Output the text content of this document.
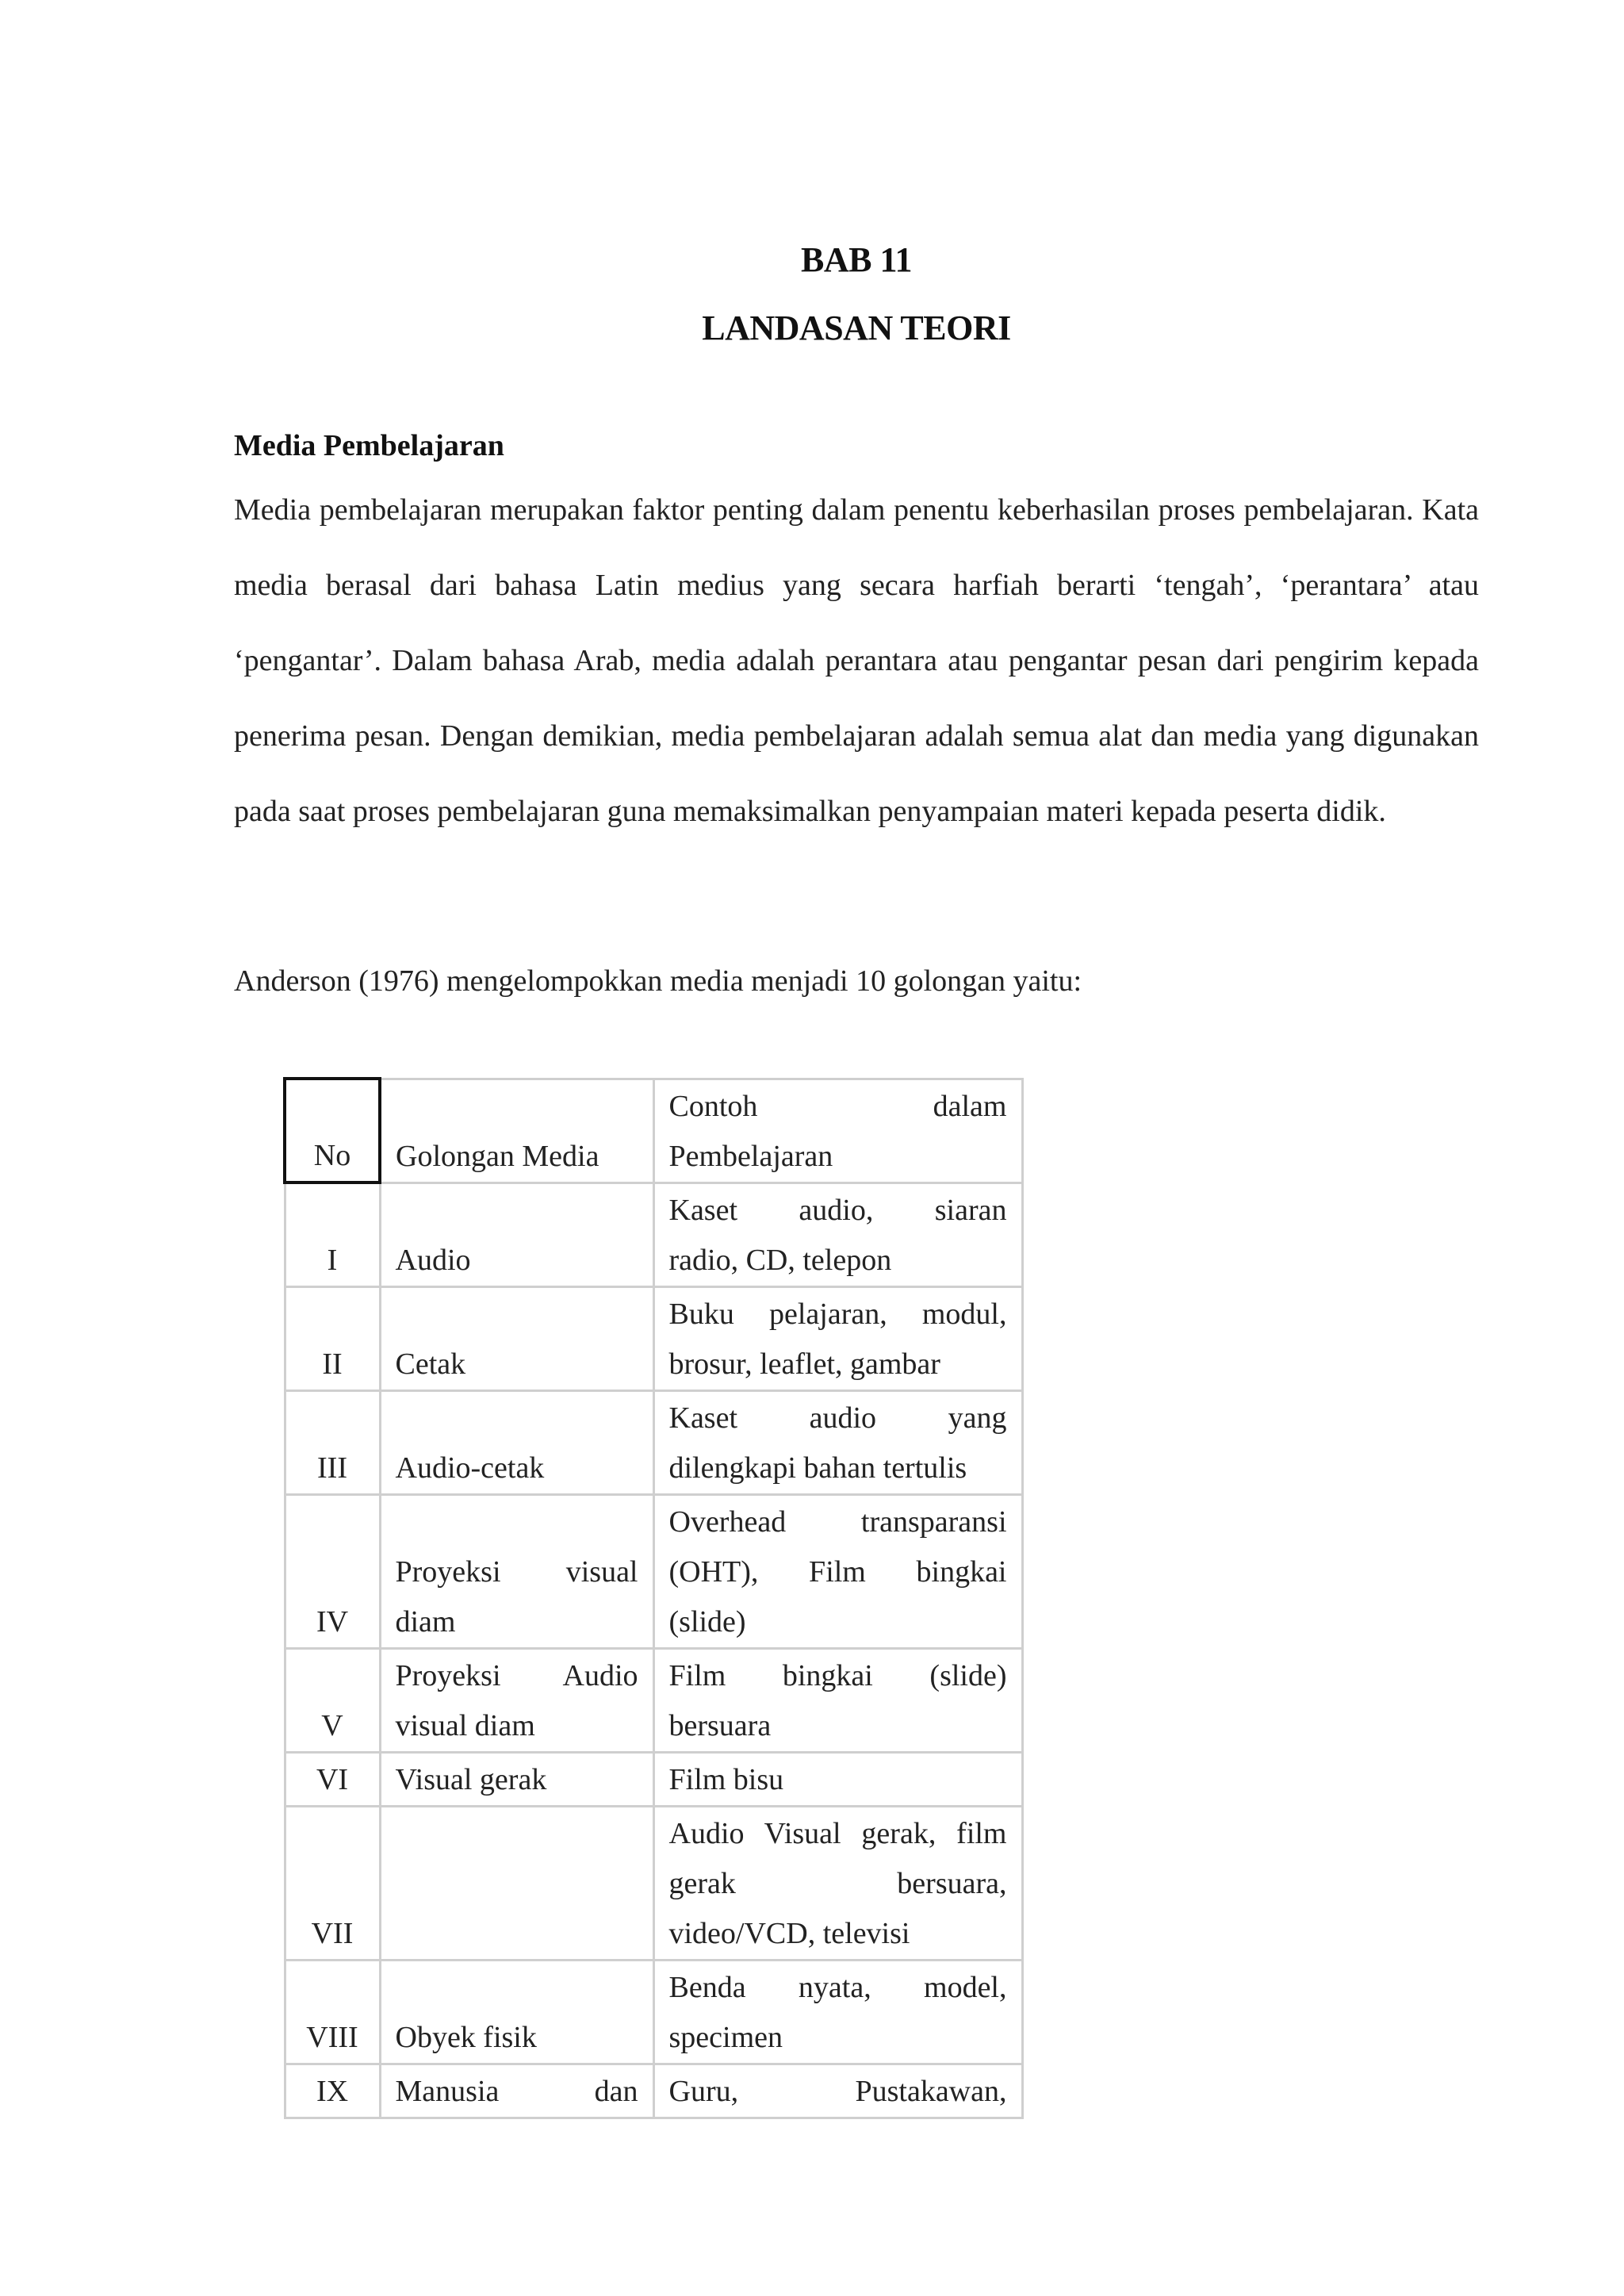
BAB 11
LANDASAN TEORI
Media Pembelajaran

Media pembelajaran merupakan faktor penting dalam penentu keberhasilan proses pembelajaran. Kata media berasal dari bahasa Latin medius yang secara harfiah berarti ‘tengah’, ‘perantara’ atau ‘pengantar’. Dalam bahasa Arab, media adalah perantara atau pengantar pesan dari pengirim kepada penerima pesan. Dengan demikian, media pembelajaran adalah semua alat dan media yang digunakan pada saat proses pembelajaran guna memaksimalkan penyampaian materi kepada peserta didik.

Anderson (1976) mengelompokkan media menjadi 10 golongan yaitu:

No	Golongan Media	Contoh dalam
Pembelajaran

I	Audio	Kaset audio, siaran
radio, CD, telepon

II	Cetak	Buku pelajaran, modul,
brosur, leaflet, gambar

III	Audio-cetak	Kaset audio yang
dilengkapi bahan tertulis

IV	Proyeksi visual
diam	Overhead transparansi
(OHT), Film bingkai
(slide)

V	Proyeksi Audio
visual diam	Film bingkai (slide)
bersuara

VI	Visual gerak	Film bisu

VII		Audio Visual gerak, film
gerak bersuara,
video/VCD, televisi

VIII	Obyek fisik	Benda nyata, model,
specimen

IX	Manusia dan	Guru, Pustakawan,
